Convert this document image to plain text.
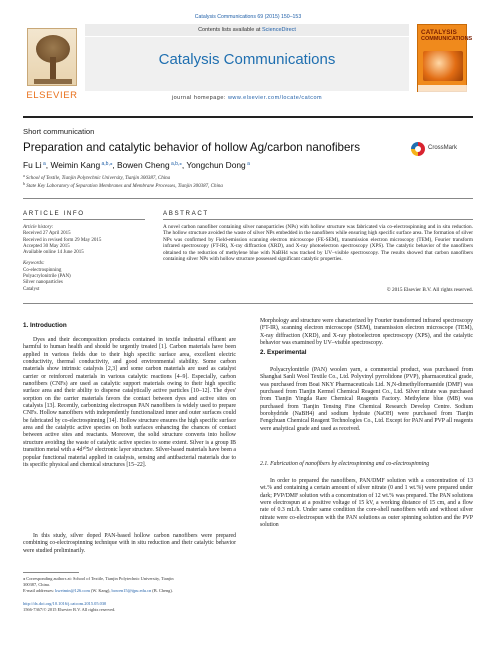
Catalysis Communications 69 (2015) 150–153
ELSEVIER
Contents lists available at ScienceDirect
Catalysis Communications
journal homepage: www.elsevier.com/locate/catcom
CATALYSIS
COMMUNICATIONS
Short communication
Preparation and catalytic behavior of hollow Ag/carbon nanofibers	CrossMark
Fu Li $^a$, Weimin Kang $^{a,b,⁎}$, Bowen Cheng $^{a,b,⁎}$, Yongchun Dong $^a$
$^a$ School of Textile, Tianjin Polytechnic University, Tianjin 300387, China
$^b$ State Key Laboratory of Separation Membranes and Membrane Processes, Tianjin 300387, China
ARTICLE INFO	ABSTRACT
Article history:
Received 27 April 2015
Received in revised form 29 May 2015
Accepted 30 May 2015
Available online 14 June 2015
Keywords:
Co-electrospinning
Polyacrylonitrile (PAN)
Silver nanoparticles
Catalyst
A novel carbon nanofiber containing silver nanoparticles (NPs) with hollow structure was fabricated via co-electrospinning and in situ reduction. The hollow structure avoided the waste of silver NPs embedded in the nanofibers while ensuring high specific surface area. The formation of silver NPs was confirmed by Field-emission scanning electron microscope (FE-SEM), transmission electron microscopy (TEM), Fourier transform infrared spectroscopy (FT-IR), X-ray diffraction (XRD), and X-ray photoelectron spectroscopy (XPS). The catalytic behavior of the nanofibers obtained to the reduction of methylene blue with NaBH4 was tracked by UV–visible spectroscopy. The results showed that carbon nanofibers containing silver NPs with hollow structure possessed significant catalytic properties.
© 2015 Elsevier B.V. All rights reserved.
1. Introduction
Dyes and their decomposition products contained in textile industrial effluent are harmful to human health and should be urgently treated [1]. Carbon materials have been applied in various fields due to their high specific surface area, excellent electric conductivity, thermal conductivity, and good environmental stability. Some carbon materials show intrinsic catalysis [2,3] and some carbon materials are used as catalyst carrier or reinforced materials in various catalytic reactions [4–9]. Especially, carbon nanofibers (CNFs) are used as catalytic support materials owing to their high specific surface area and their ability to disperse catalytically active particles [10–12]. The dyes' sorption on the carrier materials favors the contact between dyes and active sites on catalysts [13]. Recently, carbonizing electrospun PAN nanofibers is widely used to prepare CNFs. Hollow nanofibers with independently functionalized inner and outer surfaces could be fabricated by co-electrospinning [14]. Hollow structure ensures the high specific surface area and the catalytic active species on both surfaces enhancing the chances of contact between active sites and reactants. Moreover, the solid structure converts into hollow structure avoiding the waste of catalytic active species to some extent. Silver is a group IB transition metal with a 4d¹⁰5s¹ electronic layer structure. Silver-based materials have been a popular functional material applied in catalysis, sensing and antibacterial materials due to its specific physical and chemical structures [15–22].
In this study, silver doped PAN-based hollow carbon nanofibers were prepared combining co-electrospinning technique with in situ reduction and their catalytic behavior were studied preliminarily.
⁎ Corresponding authors at: School of Textile, Tianjin Polytechnic University, Tianjin
300387, China.
E-mail addresses: kweimin@126.com (W. Kang), bowen15@tjpu.edu.cn (B. Cheng).
http://dx.doi.org/10.1016/j.catcom.2015.05.030
1566-7367/© 2015 Elsevier B.V. All rights reserved.
Morphology and structure were characterized by Fourier transformed infrared spectroscopy (FT-IR), scanning electron microscope (SEM), transmission electron microscope (TEM), X-ray diffraction (XRD), and X-ray photoelectron spectroscopy (XPS), and the catalytic behavior was examined by UV–visible spectroscopy.
2. Experimental
Polyacrylonitrile (PAN) woolen yarn, a commercial product, was purchased from Shanghai Sanli Wool Textile Co., Ltd. Polyvinyl pyrrolidone (PVP), pharmaceutical grade, was purchased from Boai NKY Pharmaceuticals Ltd. N,N-dimethylformamide (DMF) was purchased from Tianjin Kermel Chemical Reagent Co., Ltd. Silver nitrate was purchased from Tianjin Yingda Rare Chemical Reagents Factory. Methylene blue (MB) was purchased from Tianjin Tensing Fine Chemical Research Develop Centre. Sodium borohydride (NaBH4) and sodium hydrate (NaOH) were purchased from Tianjin Fengchuan Chemical Reagent Technologies Co., Ltd. Except for PAN and PVP all reagents were analytical grade and used as received.
2.1. Fabrication of nanofibers by electrospinning and co-electrospinning
In order to prepared the nanofibers, PAN/DMF solution with a concentration of 13 wt.% and containing a certain amount of silver nitrate (0 and 1 wt.%) were prepared under dark; PVP/DMF solution with a concentration of 12 wt.% was prepared. The PAN solutions were electrospun at a positive voltage of 15 kV, a working distance of 15 cm, and a flow rate of 0.3 mL/h. Under same condition the core-shell nanofibers with and without silver nitrate were co-electrospun with the PAN solutions as outer spinning solution and the PVP solution
